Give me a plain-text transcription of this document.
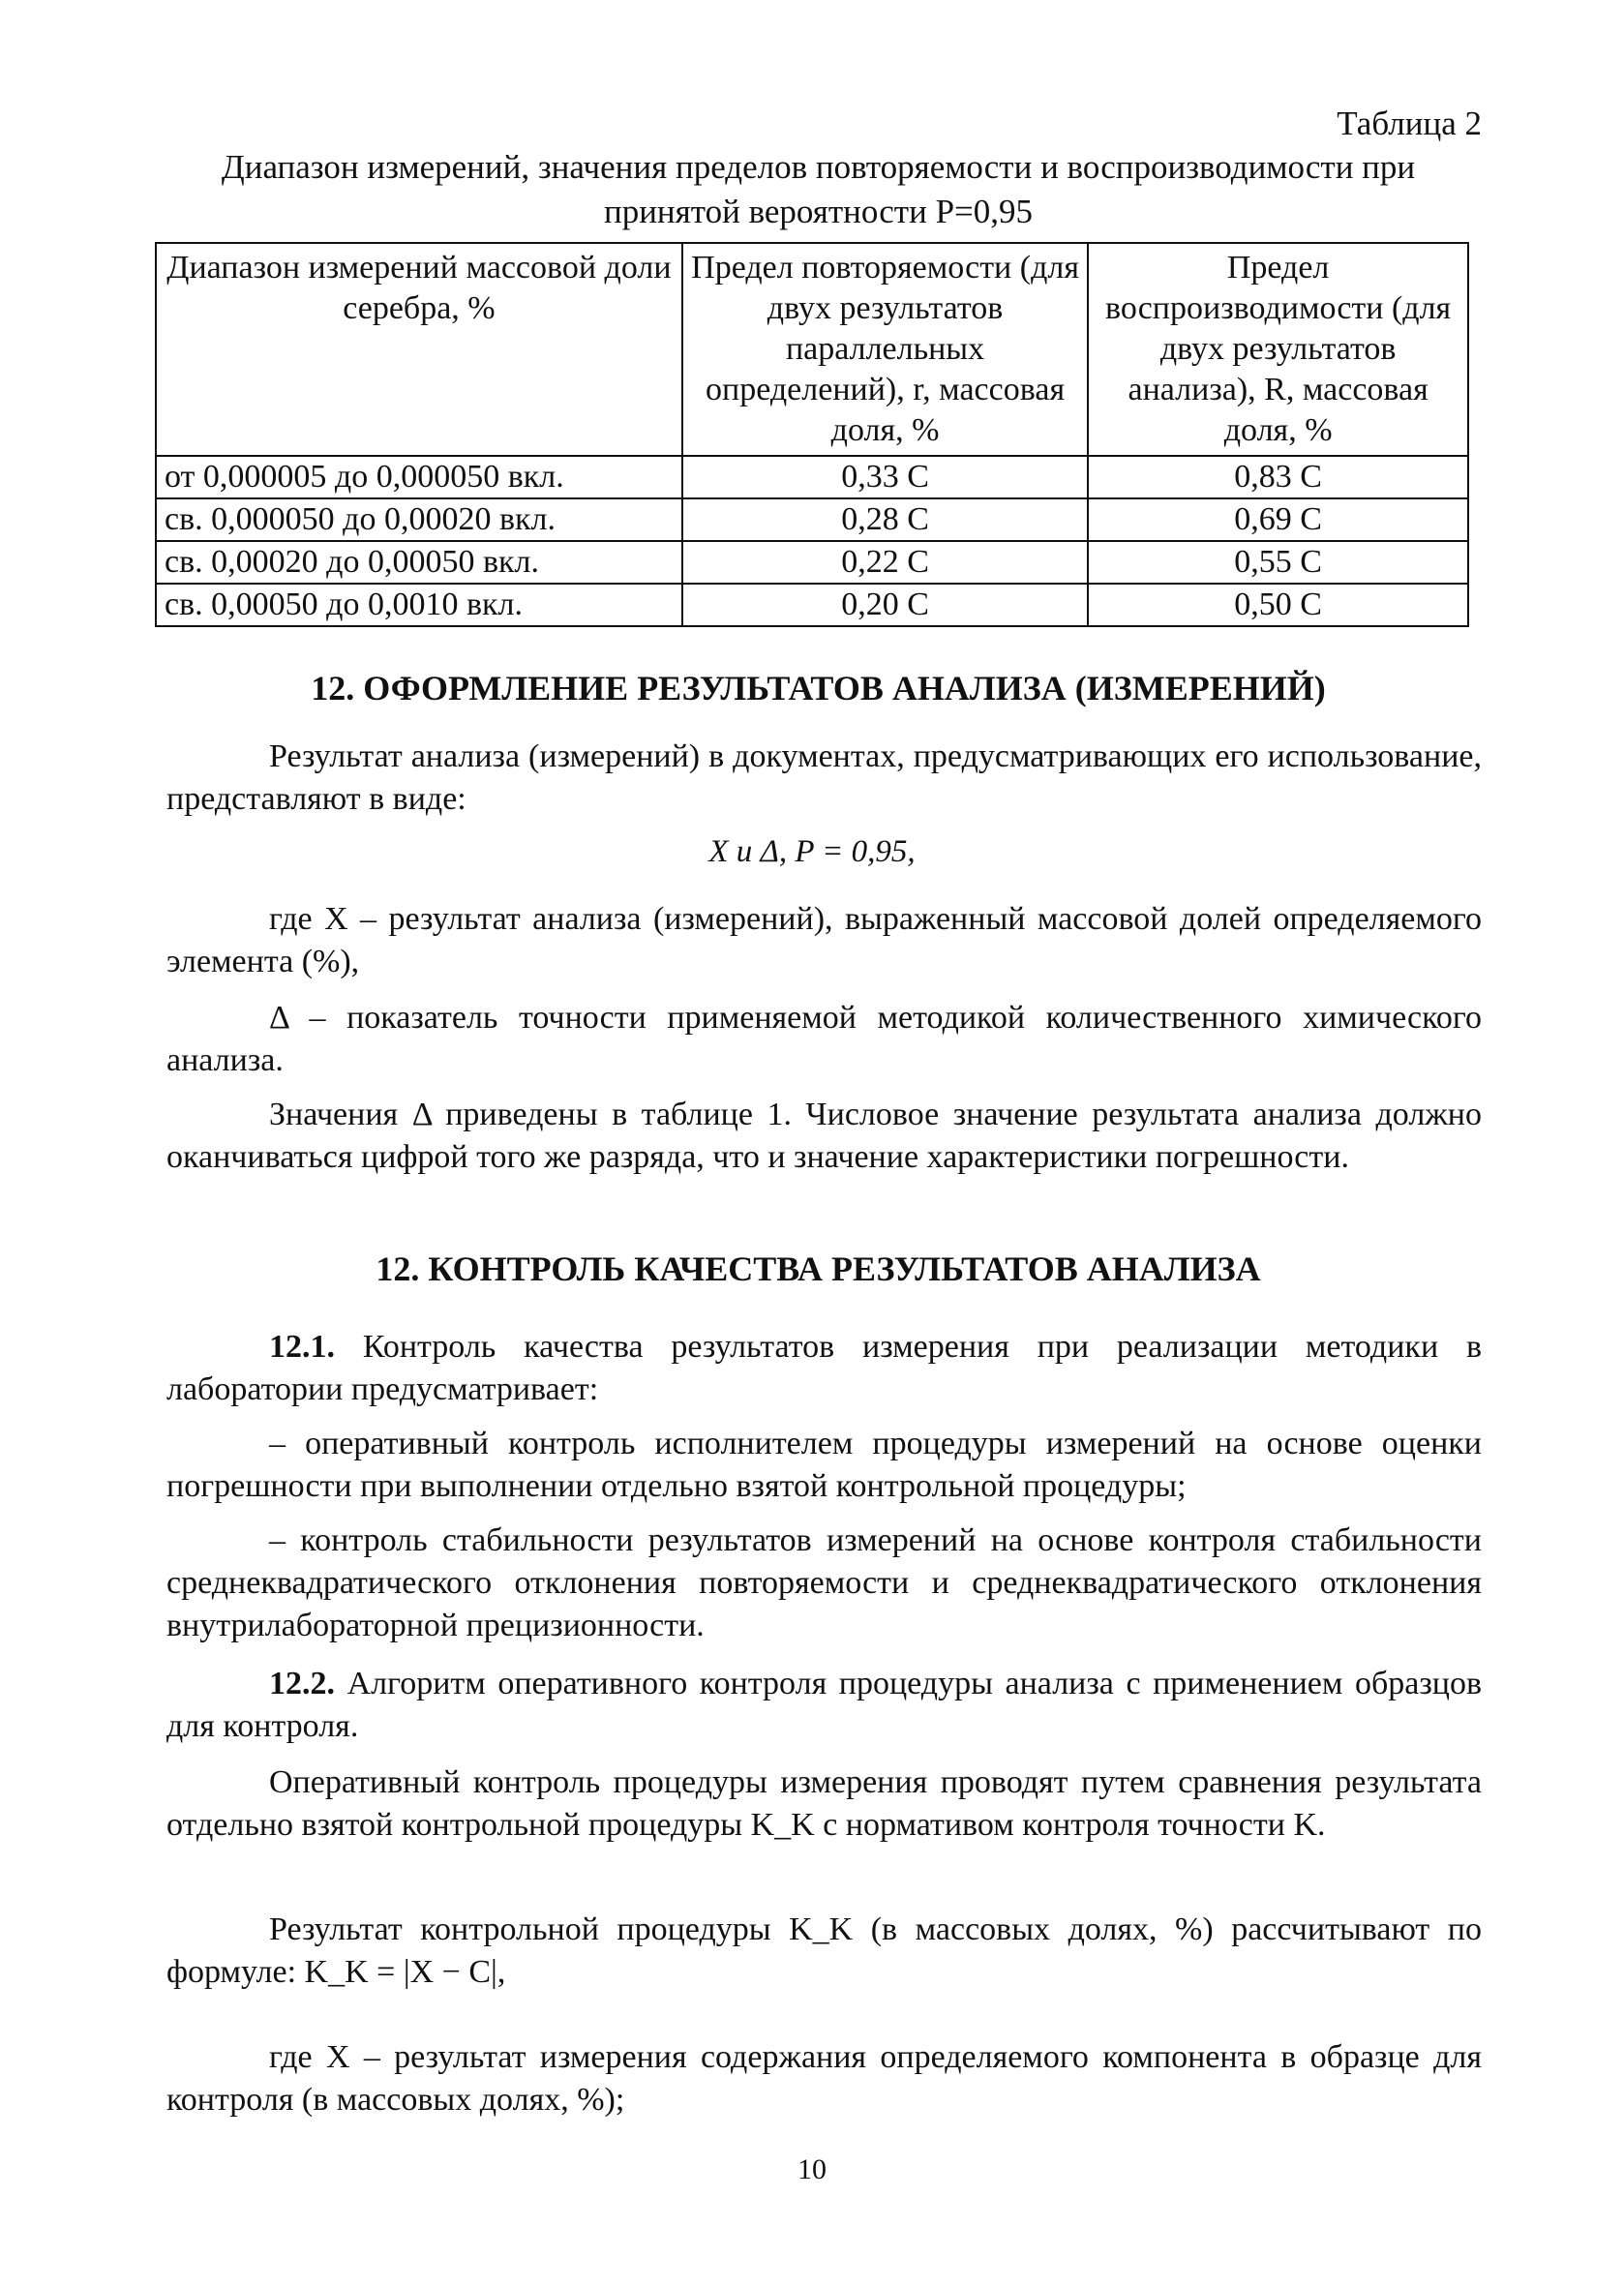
Таблица 2
Диапазон измерений, значения пределов повторяемости и воспроизводимости при принятой вероятности P=0,95
Диапазон измерений массовой доли серебра, %	Предел повторяемости (для двух результатов параллельных определений), r, массовая доля, %	Предел воспроизводимости (для двух результатов анализа), R, массовая доля, %
от 0,000005 до 0,000050 вкл.	0,33 С	0,83 С
св. 0,000050 до 0,00020 вкл.	0,28 С	0,69 С
св. 0,00020 до 0,00050 вкл.	0,22 С	0,55 С
св. 0,00050 до 0,0010 вкл.	0,20 С	0,50 С
12. ОФОРМЛЕНИЕ РЕЗУЛЬТАТОВ АНАЛИЗА (ИЗМЕРЕНИЙ)
Результат анализа (измерений) в документах, предусматривающих его использование, представляют в виде:
X и Δ, P = 0,95,
где X – результат анализа (измерений), выраженный массовой долей определяемого элемента (%),
Δ – показатель точности применяемой методикой количественного химического анализа.
Значения Δ приведены в таблице 1. Числовое значение результата анализа должно оканчиваться цифрой того же разряда, что и значение характеристики погрешности.
12. КОНТРОЛЬ КАЧЕСТВА РЕЗУЛЬТАТОВ АНАЛИЗА
12.1. Контроль качества результатов измерения при реализации методики в лаборатории предусматривает:
– оперативный контроль исполнителем процедуры измерений на основе оценки погрешности при выполнении отдельно взятой контрольной процедуры;
– контроль стабильности результатов измерений на основе контроля стабильности среднеквадратического отклонения повторяемости и среднеквадратического отклонения внутрилабораторной прецизионности.
12.2. Алгоритм оперативного контроля процедуры анализа с применением образцов для контроля.
Оперативный контроль процедуры измерения проводят путем сравнения результата отдельно взятой контрольной процедуры K_K с нормативом контроля точности K.
Результат контрольной процедуры K_K (в массовых долях, %) рассчитывают по формуле: K_K = |X − C|,
где X – результат измерения содержания определяемого компонента в образце для контроля (в массовых долях, %);
10
